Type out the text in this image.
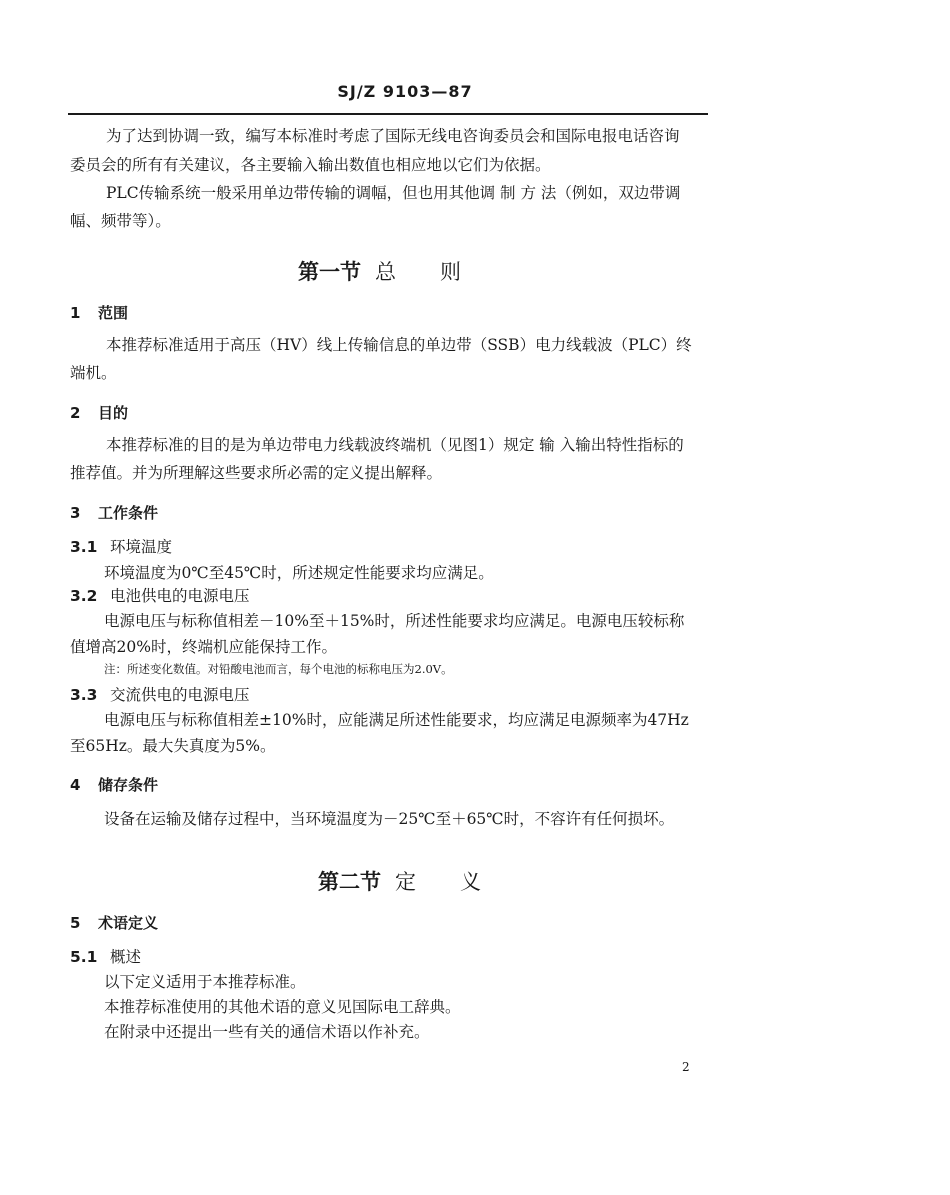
SJ/Z 9103—87
为了达到协调一致，编写本标准时考虑了国际无线电咨询委员会和国际电报电话咨询
委员会的所有有关建议，各主要输入输出数值也相应地以它们为依据。
PLC传输系统一般采用单边带传输的调幅，但也用其他调 制 方 法（例如，双边带调
幅、频带等）。
第一节 总 则
1 范围
本推荐标准适用于高压（HV）线上传输信息的单边带（SSB）电力线载波（PLC）终
端机。
2 目的
本推荐标准的目的是为单边带电力线载波终端机（见图1）规定 输 入输出特性指标的
推荐值。并为所理解这些要求所必需的定义提出解释。
3 工作条件
3.1 环境温度
环境温度为0℃至45℃时，所述规定性能要求均应满足。
3.2 电池供电的电源电压
电源电压与标称值相差－10%至＋15%时，所述性能要求均应满足。电源电压较标称
值增高20%时，终端机应能保持工作。
注：所述变化数值。对铅酸电池而言，每个电池的标称电压为2.0V。
3.3 交流供电的电源电压
电源电压与标称值相差±10%时，应能满足所述性能要求，均应满足电源频率为47Hz
至65Hz。最大失真度为5%。
4 储存条件
设备在运输及储存过程中，当环境温度为－25℃至＋65℃时，不容许有任何损坏。
第二节 定 义
5 术语定义
5.1 概述
以下定义适用于本推荐标准。
本推荐标准使用的其他术语的意义见国际电工辞典。
在附录中还提出一些有关的通信术语以作补充。
2
